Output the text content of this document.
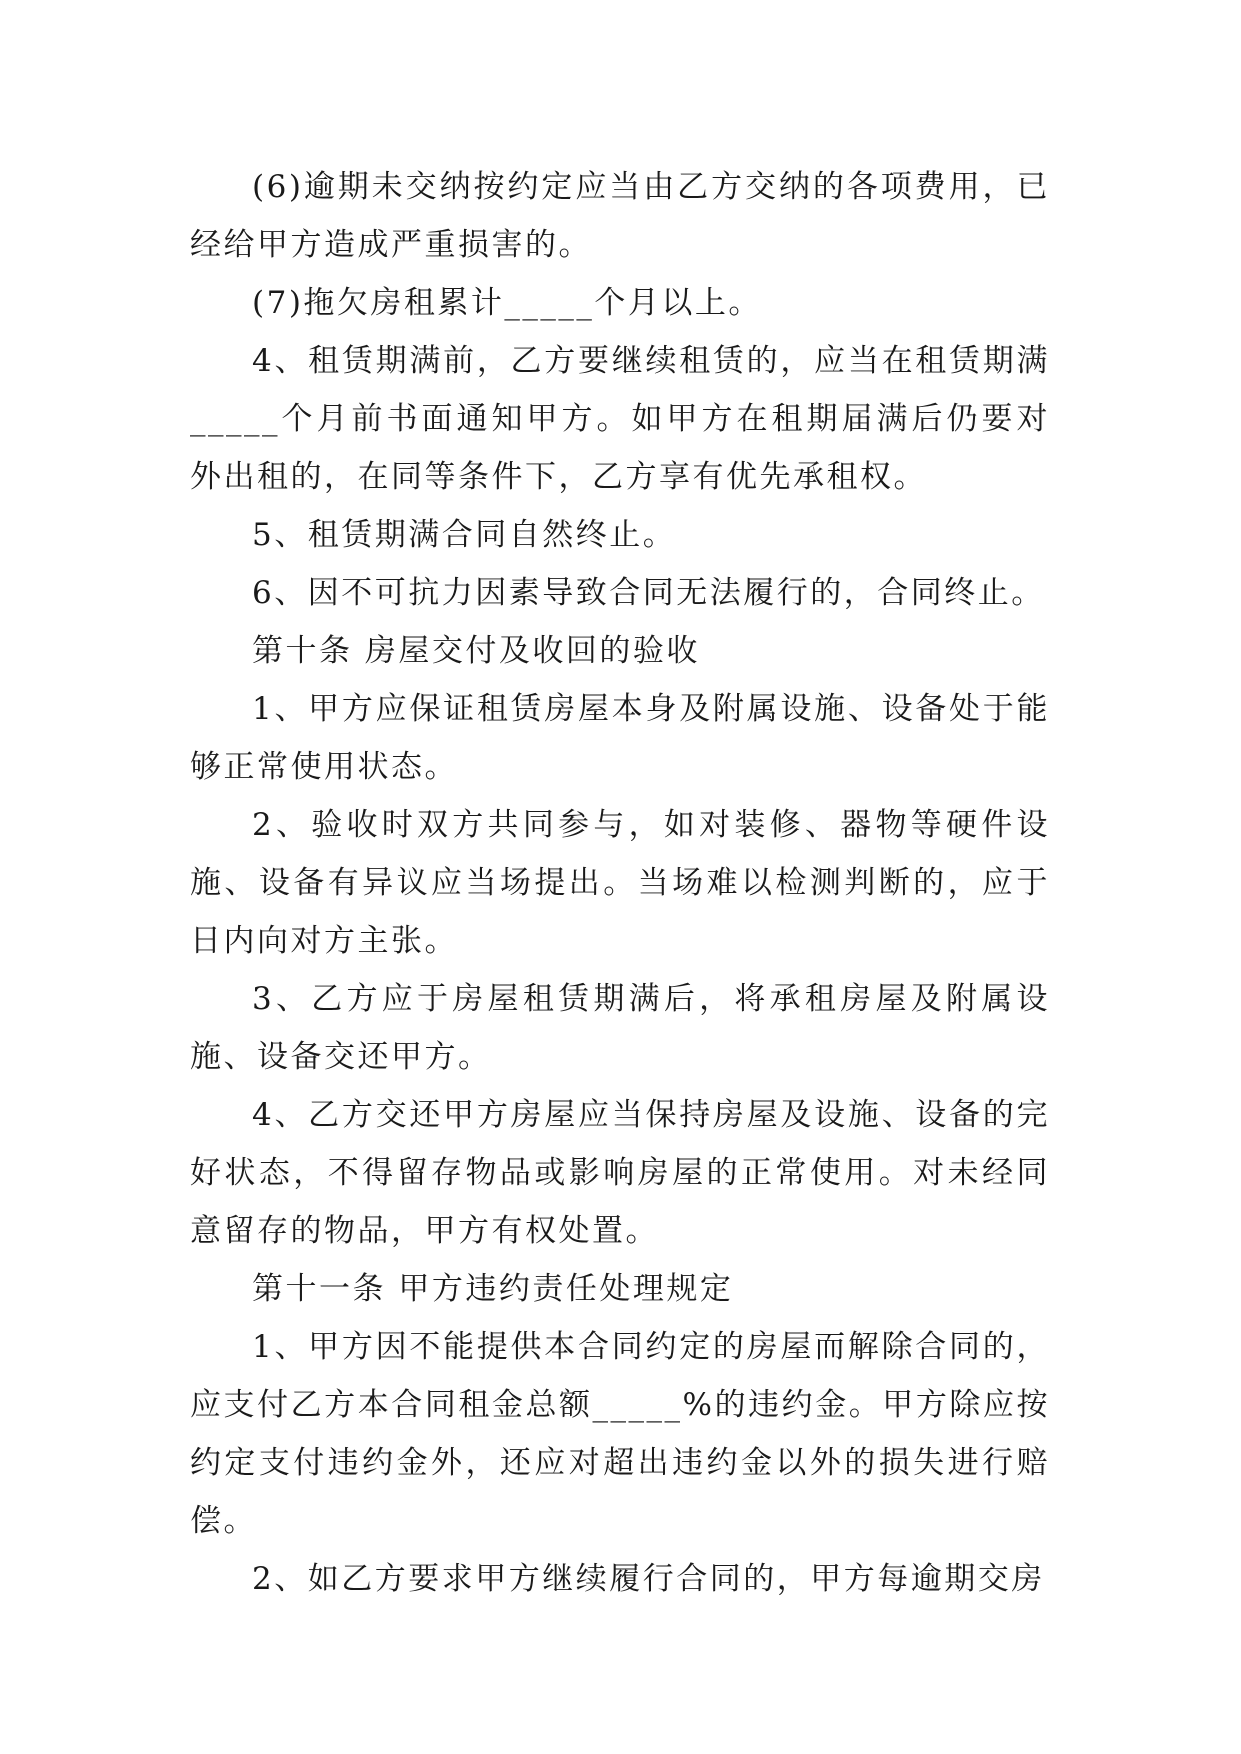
(6)逾期未交纳按约定应当由乙方交纳的各项费用，已经给甲方造成严重损害的。

(7)拖欠房租累计_____个月以上。

4、租赁期满前，乙方要继续租赁的，应当在租赁期满_____个月前书面通知甲方。如甲方在租期届满后仍要对外出租的，在同等条件下，乙方享有优先承租权。

5、租赁期满合同自然终止。

6、因不可抗力因素导致合同无法履行的，合同终止。

第十条 房屋交付及收回的验收

1、甲方应保证租赁房屋本身及附属设施、设备处于能够正常使用状态。

2、验收时双方共同参与，如对装修、器物等硬件设施、设备有异议应当场提出。当场难以检测判断的，应于 日内向对方主张。

3、乙方应于房屋租赁期满后，将承租房屋及附属设施、设备交还甲方。

4、乙方交还甲方房屋应当保持房屋及设施、设备的完好状态，不得留存物品或影响房屋的正常使用。对未经同意留存的物品，甲方有权处置。

第十一条 甲方违约责任处理规定

1、甲方因不能提供本合同约定的房屋而解除合同的，应支付乙方本合同租金总额_____%的违约金。甲方除应按约定支付违约金外，还应对超出违约金以外的损失进行赔偿。

2、如乙方要求甲方继续履行合同的，甲方每逾期交房
